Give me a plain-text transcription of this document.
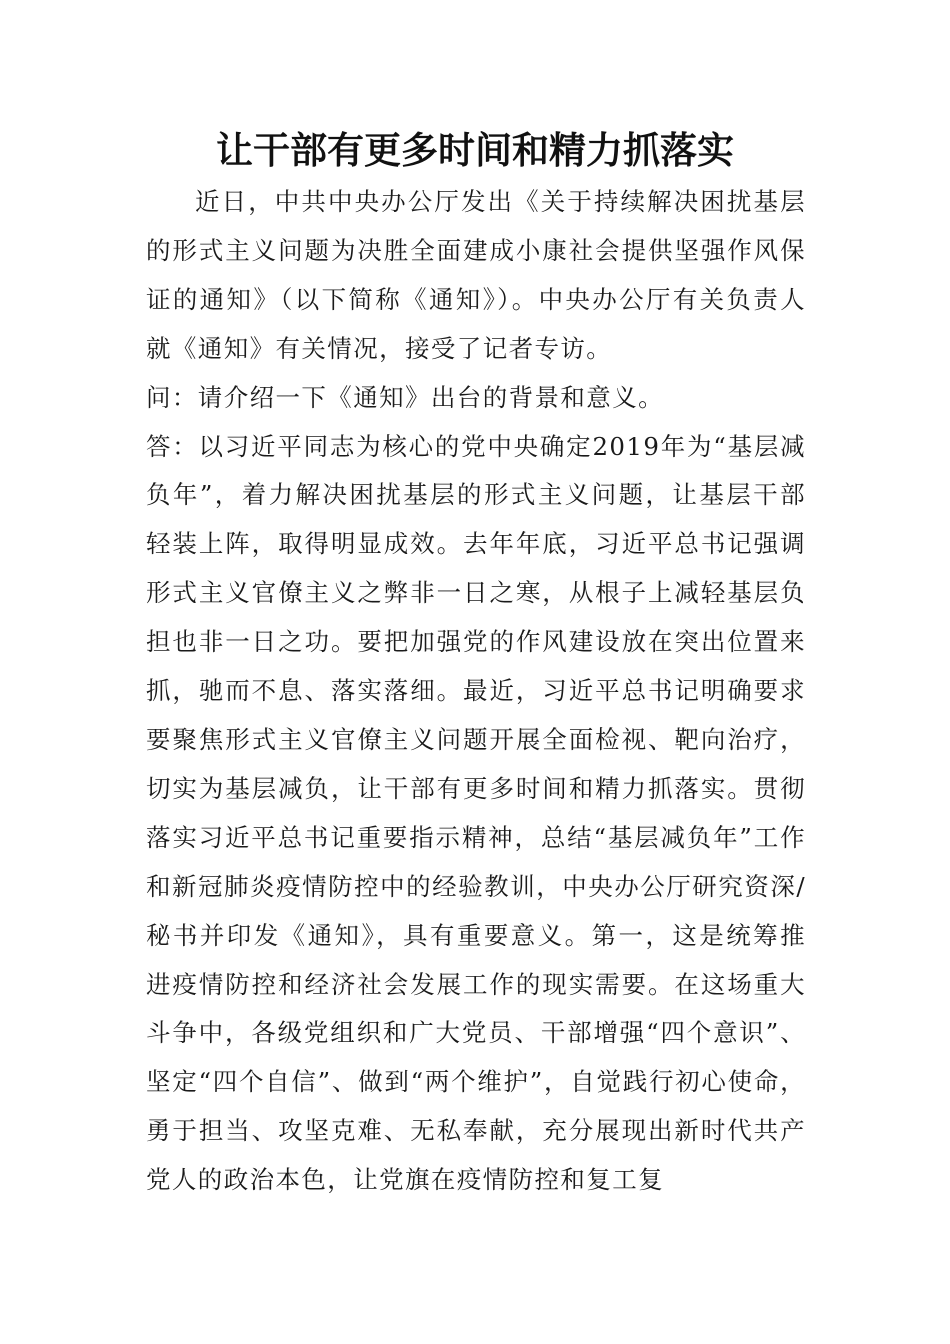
让干部有更多时间和精力抓落实

近日，中共中央办公厅发出《关于持续解决困扰基层的形式主义问题为决胜全面建成小康社会提供坚强作风保证的通知》（以下简称《通知》）。中央办公厅有关负责人就《通知》有关情况，接受了记者专访。

问：请介绍一下《通知》出台的背景和意义。

答：以习近平同志为核心的党中央确定2019年为“基层减负年”，着力解决困扰基层的形式主义问题，让基层干部轻装上阵，取得明显成效。去年年底，习近平总书记强调形式主义官僚主义之弊非一日之寒，从根子上减轻基层负担也非一日之功。要把加强党的作风建设放在突出位置来抓，驰而不息、落实落细。最近，习近平总书记明确要求要聚焦形式主义官僚主义问题开展全面检视、靶向治疗，切实为基层减负，让干部有更多时间和精力抓落实。贯彻落实习近平总书记重要指示精神，总结“基层减负年”工作和新冠肺炎疫情防控中的经验教训，中央办公厅研究资深/秘书并印发《通知》，具有重要意义。第一，这是统筹推进疫情防控和经济社会发展工作的现实需要。在这场重大斗争中，各级党组织和广大党员、干部增强“四个意识”、坚定“四个自信”、做到“两个维护”，自觉践行初心使命，勇于担当、攻坚克难、无私奉献，充分展现出新时代共产党人的政治本色，让党旗在疫情防控和复工复
